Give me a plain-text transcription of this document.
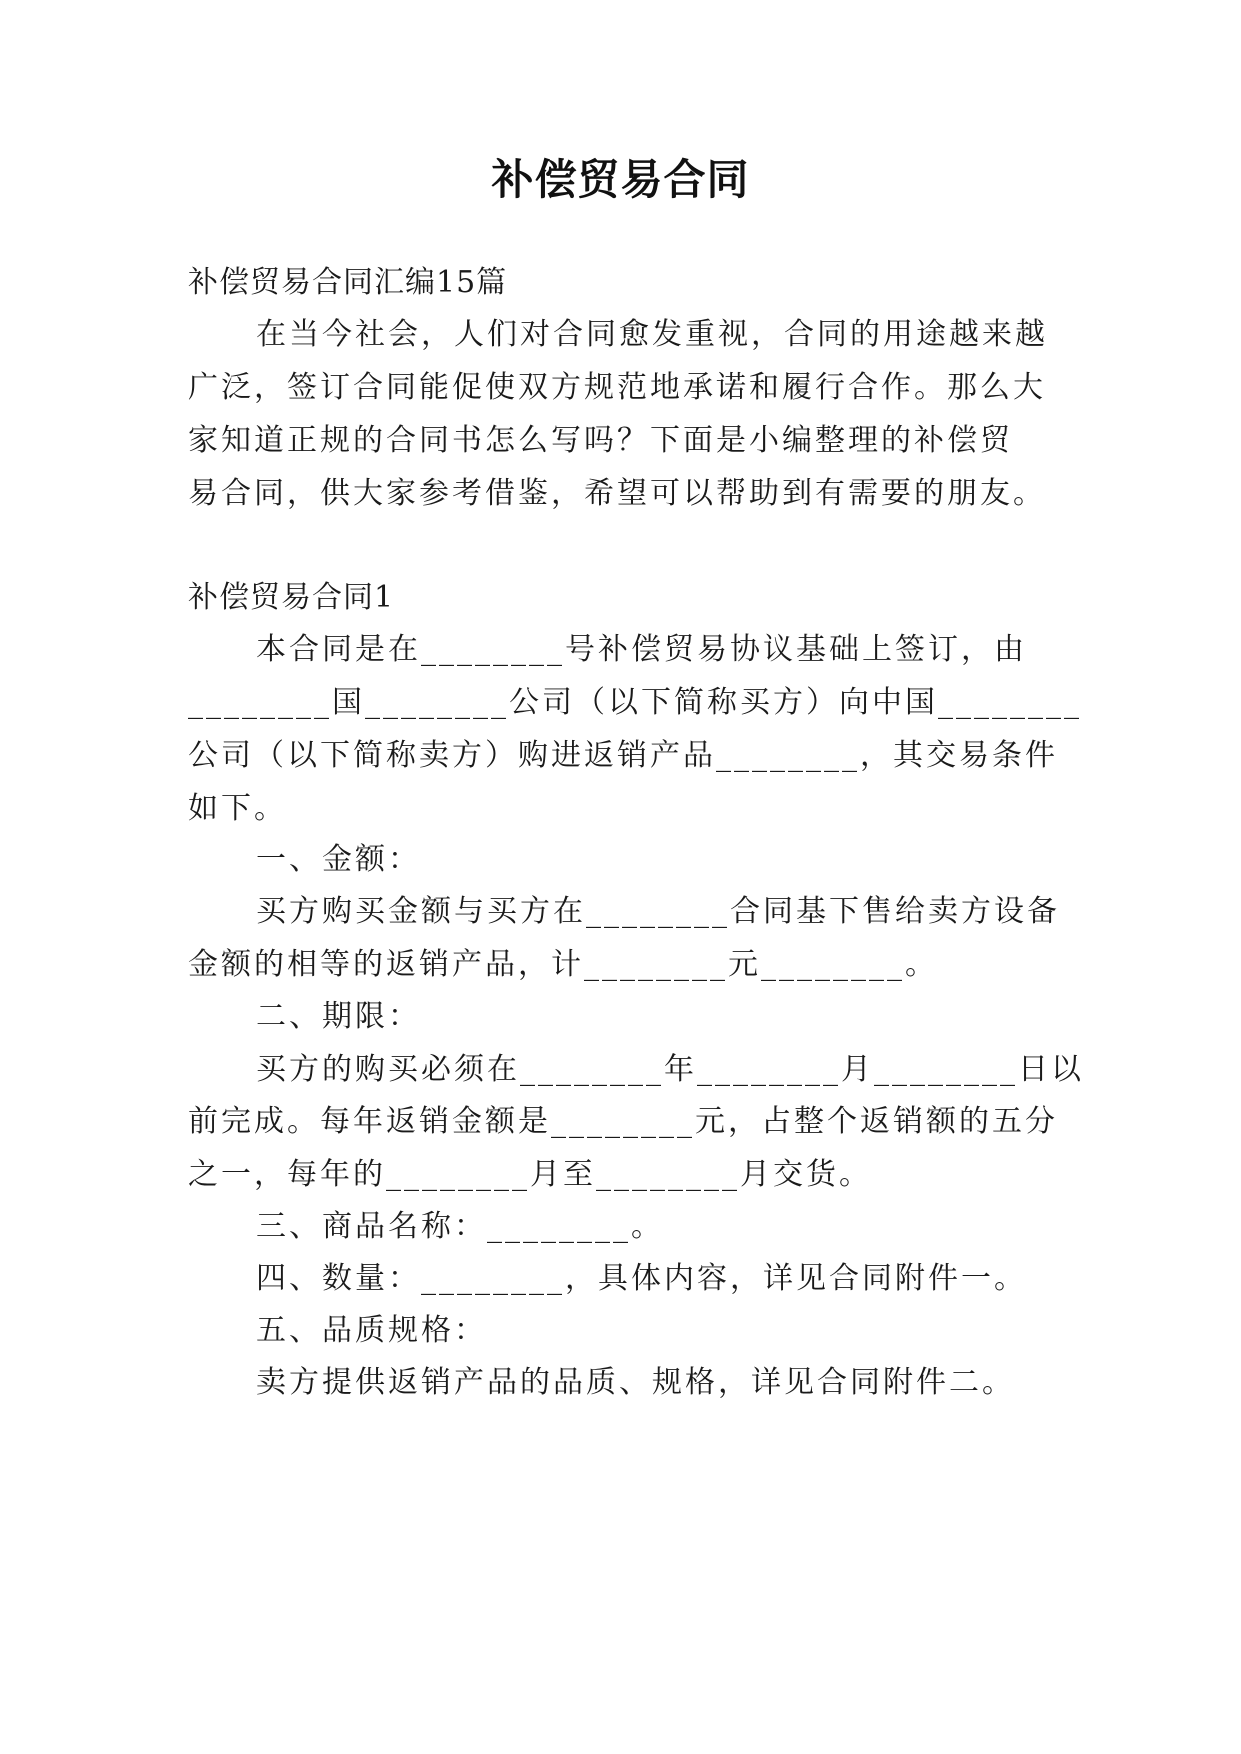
补偿贸易合同
补偿贸易合同汇编15篇
在当今社会，人们对合同愈发重视，合同的用途越来越
广泛，签订合同能促使双方规范地承诺和履行合作。那么大
家知道正规的合同书怎么写吗？下面是小编整理的补偿贸
易合同，供大家参考借鉴，希望可以帮助到有需要的朋友。
补偿贸易合同1
本合同是在________号补偿贸易协议基础上签订，由
________国________公司（以下简称买方）向中国________
公司（以下简称卖方）购进返销产品________，其交易条件
如下。
一、金额：
买方购买金额与买方在________合同基下售给卖方设备
金额的相等的返销产品，计________元________。
二、期限：
买方的购买必须在________年________月________日以
前完成。每年返销金额是________元，占整个返销额的五分
之一，每年的________月至________月交货。
三、商品名称：________。
四、数量：________，具体内容，详见合同附件一。
五、品质规格：
卖方提供返销产品的品质、规格，详见合同附件二。
